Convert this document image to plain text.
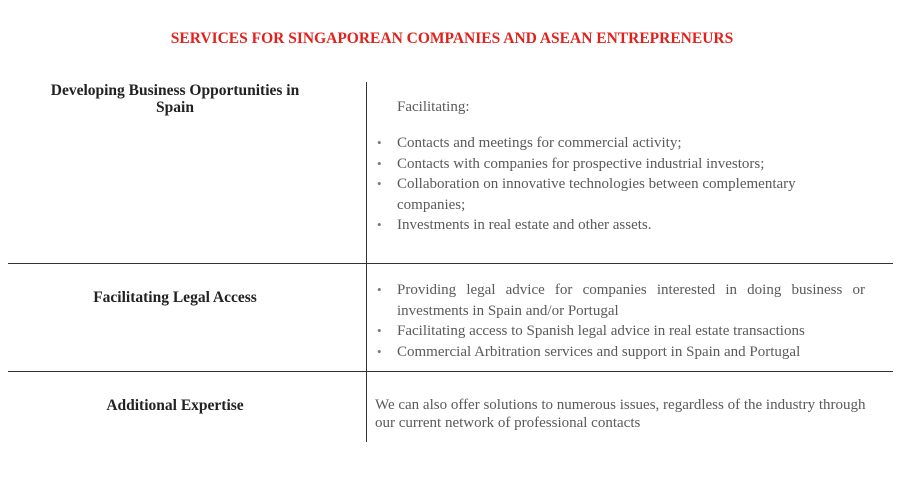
SERVICES FOR SINGAPOREAN COMPANIES AND ASEAN ENTREPRENEURS
Developing Business Opportunities in
Spain	Facilitating:
• Contacts and meetings for commercial activity;
• Contacts with companies for prospective industrial investors;
• Collaboration on innovative technologies between complementary companies;
• Investments in real estate and other assets.
Facilitating Legal Access	• Providing legal advice for companies interested in doing business or investments in Spain and/or Portugal
• Facilitating access to Spanish legal advice in real estate transactions
• Commercial Arbitration services and support in Spain and Portugal
Additional Expertise	We can also offer solutions to numerous issues, regardless of the industry through our current network of professional contacts
